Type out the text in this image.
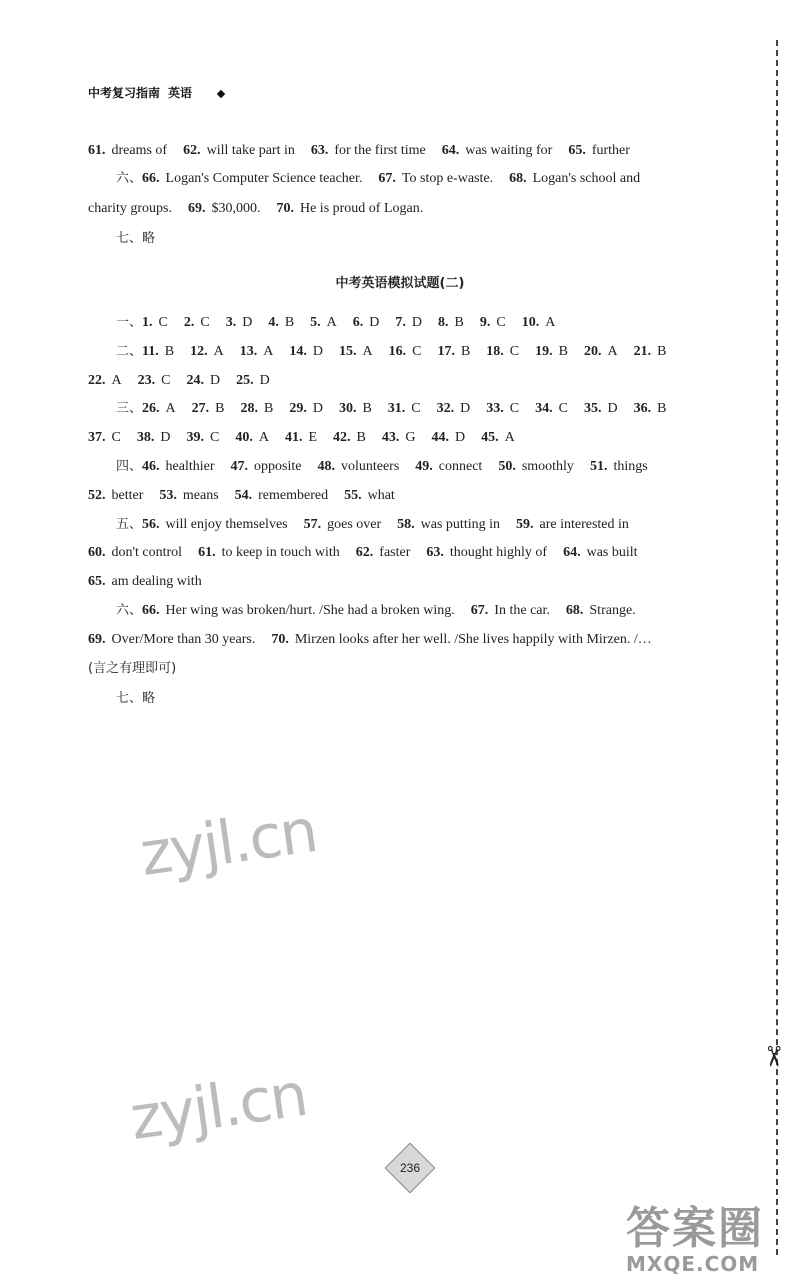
中考复习指南 英语
61. dreams of 62. will take part in 63. for the first time 64. was waiting for 65. further
六、66. Logan's Computer Science teacher. 67. To stop e-waste. 68. Logan's school and
charity groups. 69. $30,000. 70. He is proud of Logan.
七、略
中考英语模拟试题(二)
一、1. C 2. C 3. D 4. B 5. A 6. D 7. D 8. B 9. C 10. A
二、11. B 12. A 13. A 14. D 15. A 16. C 17. B 18. C 19. B 20. A 21. B
22. A 23. C 24. D 25. D
三、26. A 27. B 28. B 29. D 30. B 31. C 32. D 33. C 34. C 35. D 36. B
37. C 38. D 39. C 40. A 41. E 42. B 43. G 44. D 45. A
四、46. healthier 47. opposite 48. volunteers 49. connect 50. smoothly 51. things
52. better 53. means 54. remembered 55. what
五、56. will enjoy themselves 57. goes over 58. was putting in 59. are interested in
60. don't control 61. to keep in touch with 62. faster 63. thought highly of 64. was built
65. am dealing with
六、66. Her wing was broken/hurt. /She had a broken wing. 67. In the car. 68. Strange.
69. Over/More than 30 years. 70. Mirzen looks after her well. /She lives happily with Mirzen. /…
(言之有理即可)
七、略
zyjl.cn
zyjl.cn
✂
236
答案圈
MXQE.COM
